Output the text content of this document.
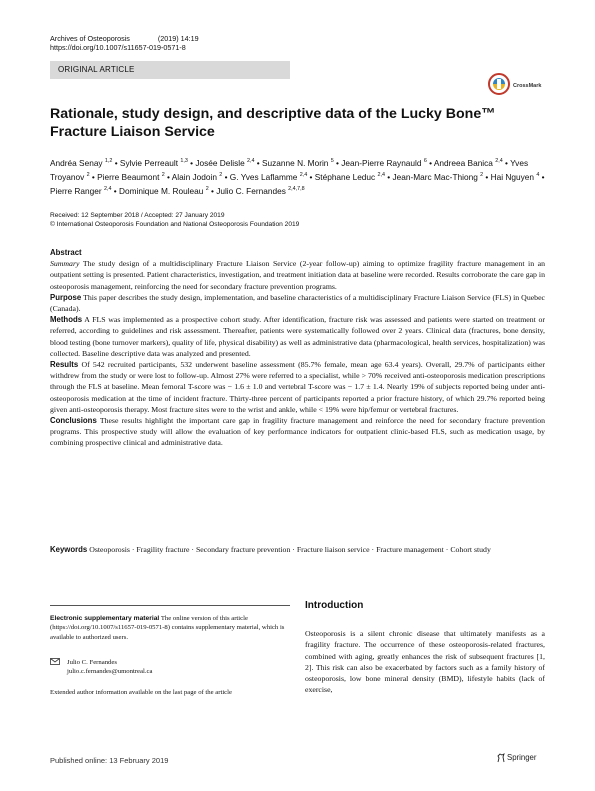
Archives of Osteoporosis	(2019) 14:19
https://doi.org/10.1007/s11657-019-0571-8
ORIGINAL ARTICLE
CrossMark
Rationale, study design, and descriptive data of the Lucky Bone™ Fracture Liaison Service
Andréa Senay $^{1,2}$ • Sylvie Perreault $^{1,3}$ • Josée Delisle $^{2,4}$ • Suzanne N. Morin $^5$ • Jean-Pierre Raynauld $^6$ • Andreea Banica $^{2,4}$ • Yves Troyanov $^2$ • Pierre Beaumont $^2$ • Alain Jodoin $^2$ • G. Yves Laflamme $^{2,4}$ • Stéphane Leduc $^{2,4}$ • Jean-Marc Mac-Thiong $^2$ • Hai Nguyen $^4$ • Pierre Ranger $^{2,4}$ • Dominique M. Rouleau $^2$ • Julio C. Fernandes $^{2,4,7,8}$
Received: 12 September 2018 / Accepted: 27 January 2019
© International Osteoporosis Foundation and National Osteoporosis Foundation 2019
Abstract

Summary The study design of a multidisciplinary Fracture Liaison Service (2-year follow-up) aiming to optimize fragility fracture management in an outpatient setting is presented. Patient characteristics, investigation, and treatment initiation data at baseline were recorded. Results corroborate the care gap in osteoporosis management, reinforcing the need for secondary fracture prevention programs.

Purpose This paper describes the study design, implementation, and baseline characteristics of a multidisciplinary Fracture Liaison Service (FLS) in Quebec (Canada).

Methods A FLS was implemented as a prospective cohort study. After identification, fracture risk was assessed and patients were started on treatment or referred, according to guidelines and risk assessment. Thereafter, patients were systematically followed over 2 years. Clinical data (fractures, bone density, blood testing (bone turnover markers), quality of life, physical disability) as well as administrative data (pharmacological, health services, hospitalization) was collected. Baseline descriptive data was analyzed and presented.

Results Of 542 recruited participants, 532 underwent baseline assessment (85.7% female, mean age 63.4 years). Overall, 29.7% of participants either withdrew from the study or were lost to follow-up. Almost 27% were referred to a specialist, while > 70% received anti-osteoporosis medication prescriptions through the FLS at baseline. Mean femoral T-score was − 1.6 ± 1.0 and vertebral T-score was − 1.7 ± 1.4. Nearly 19% of subjects reported being under anti-osteoporosis medication at the time of incident fracture. Thirty-three percent of participants reported a prior fracture history, of which 29.7% reported being given anti-osteoporosis therapy. Most fracture sites were to the wrist and ankle, while < 19% were hip/femur or vertebral fractures.

Conclusions These results highlight the important care gap in fragility fracture management and reinforce the need for secondary fracture prevention programs. This prospective study will allow the evaluation of key performance indicators for outpatient clinic-based FLS, such as medication usage, by combining prospective clinical and administrative data.

Keywords Osteoporosis · Fragility fracture · Secondary fracture prevention · Fracture liaison service · Fracture management · Cohort study
Electronic supplementary material The online version of this article (https://doi.org/10.1007/s11657-019-0571-8) contains supplementary material, which is available to authorized users.
Julio C. Fernandes
julio.c.fernandes@umontreal.ca
Extended author information available on the last page of the article
Introduction
Osteoporosis is a silent chronic disease that ultimately manifests as a fragility fracture. The occurrence of these osteoporosis-related fractures, combined with aging, greatly enhances the risk of subsequent fractures [1, 2]. This risk can also be exacerbated by factors such as a family history of osteoporosis, low bone mineral density (BMD), lifestyle habits (lack of exercise,
Published online: 13 February 2019	Springer
